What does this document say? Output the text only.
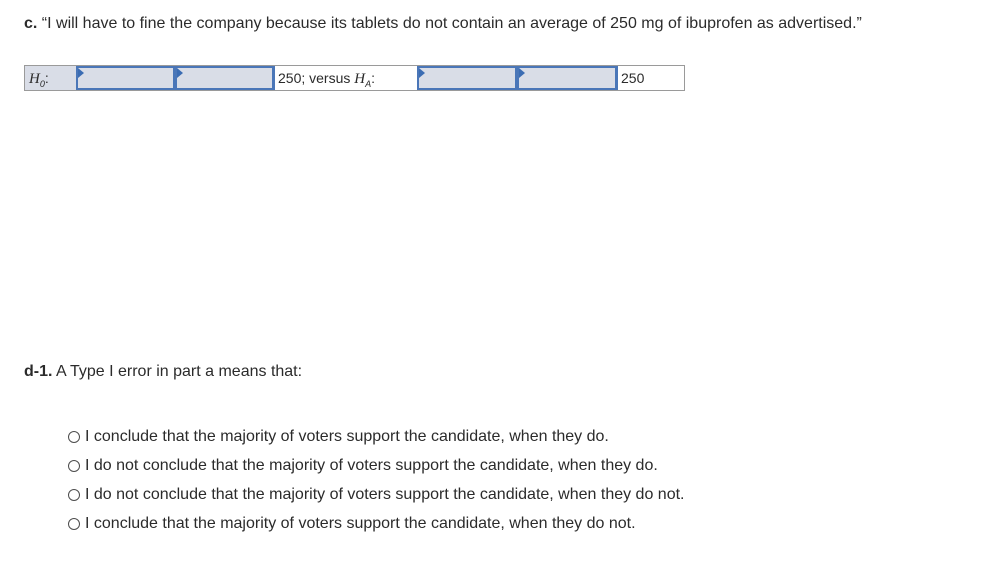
c. “I will have to fine the company because its tablets do not contain an average of 250 mg of ibuprofen as advertised.”
$H_0$:	250; versus $H_A$:	250
d-1. A Type I error in part a means that:
I conclude that the majority of voters support the candidate, when they do.
I do not conclude that the majority of voters support the candidate, when they do.
I do not conclude that the majority of voters support the candidate, when they do not.
I conclude that the majority of voters support the candidate, when they do not.
